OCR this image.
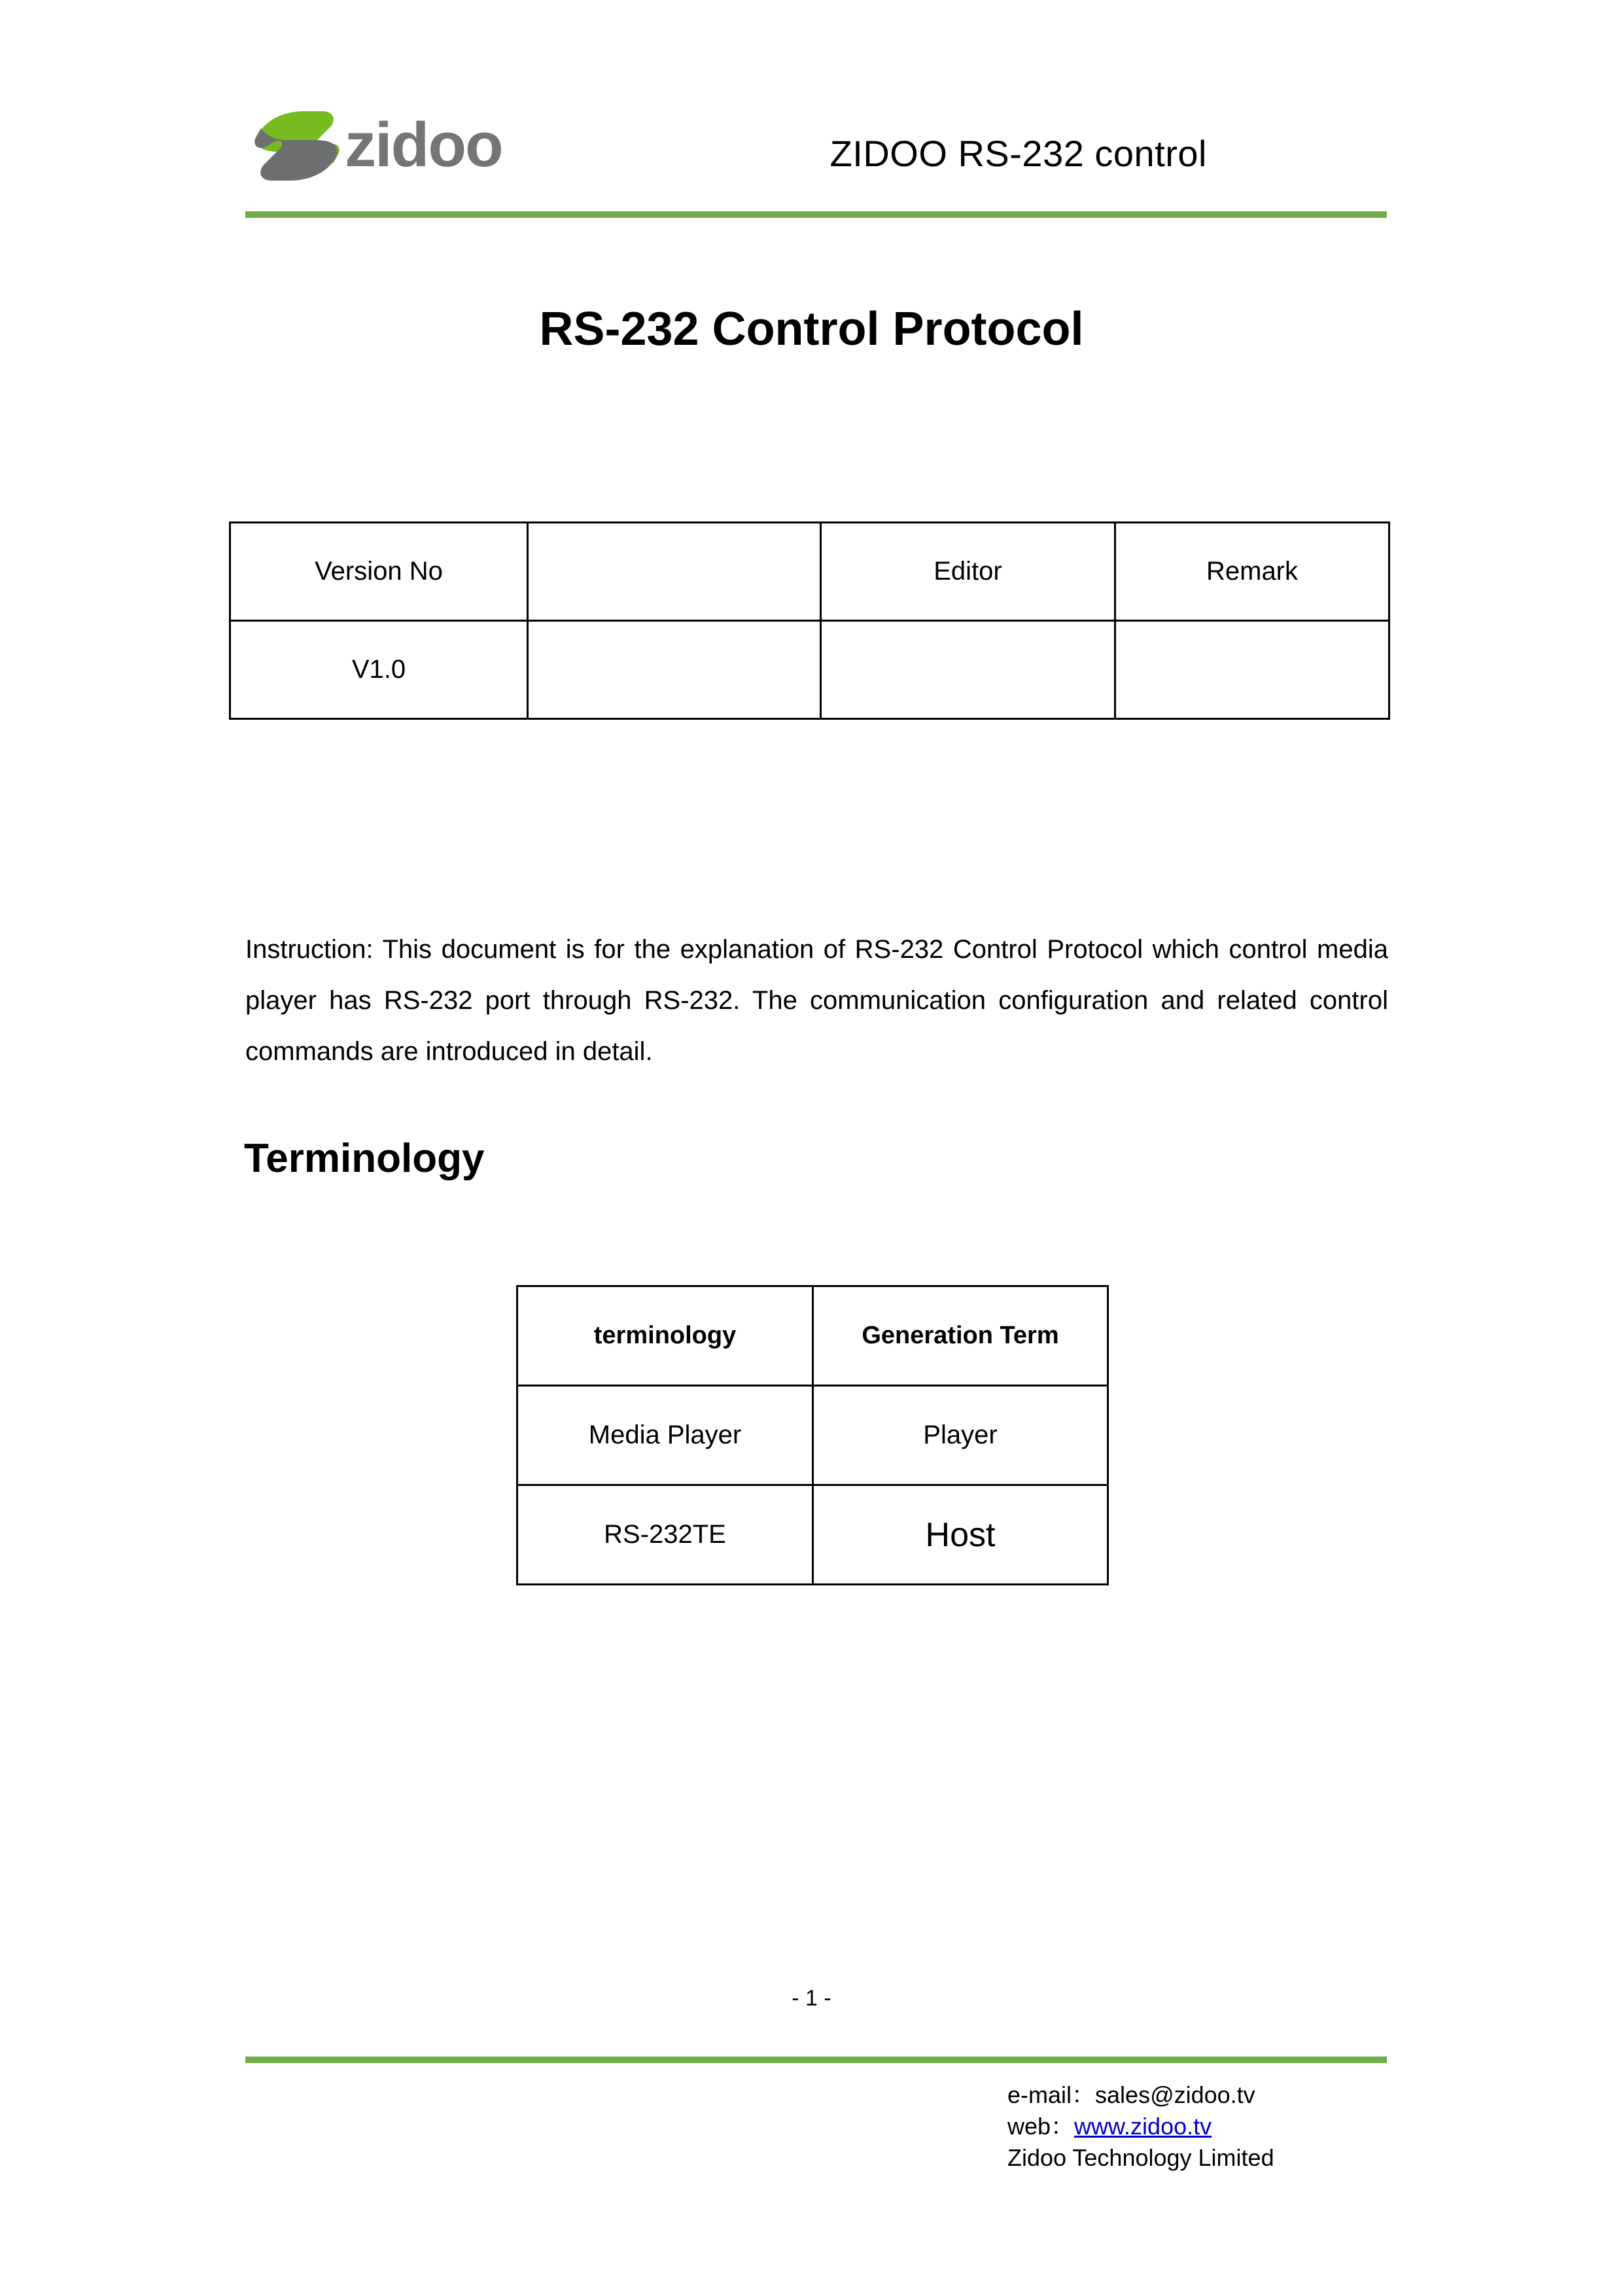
zidoo	ZIDOO RS-232 control
RS-232 Control Protocol
Version No		Editor	Remark
V1.0			
Instruction: This document is for the explanation of RS-232 Control Protocol which control media player has RS-232 port through RS-232. The communication configuration and related control commands are introduced in detail.
Terminology
terminology	Generation Term
Media Player	Player
RS-232TE	Host
- 1 -
e-mail：sales@zidoo.tv
web：www.zidoo.tv
Zidoo Technology Limited
